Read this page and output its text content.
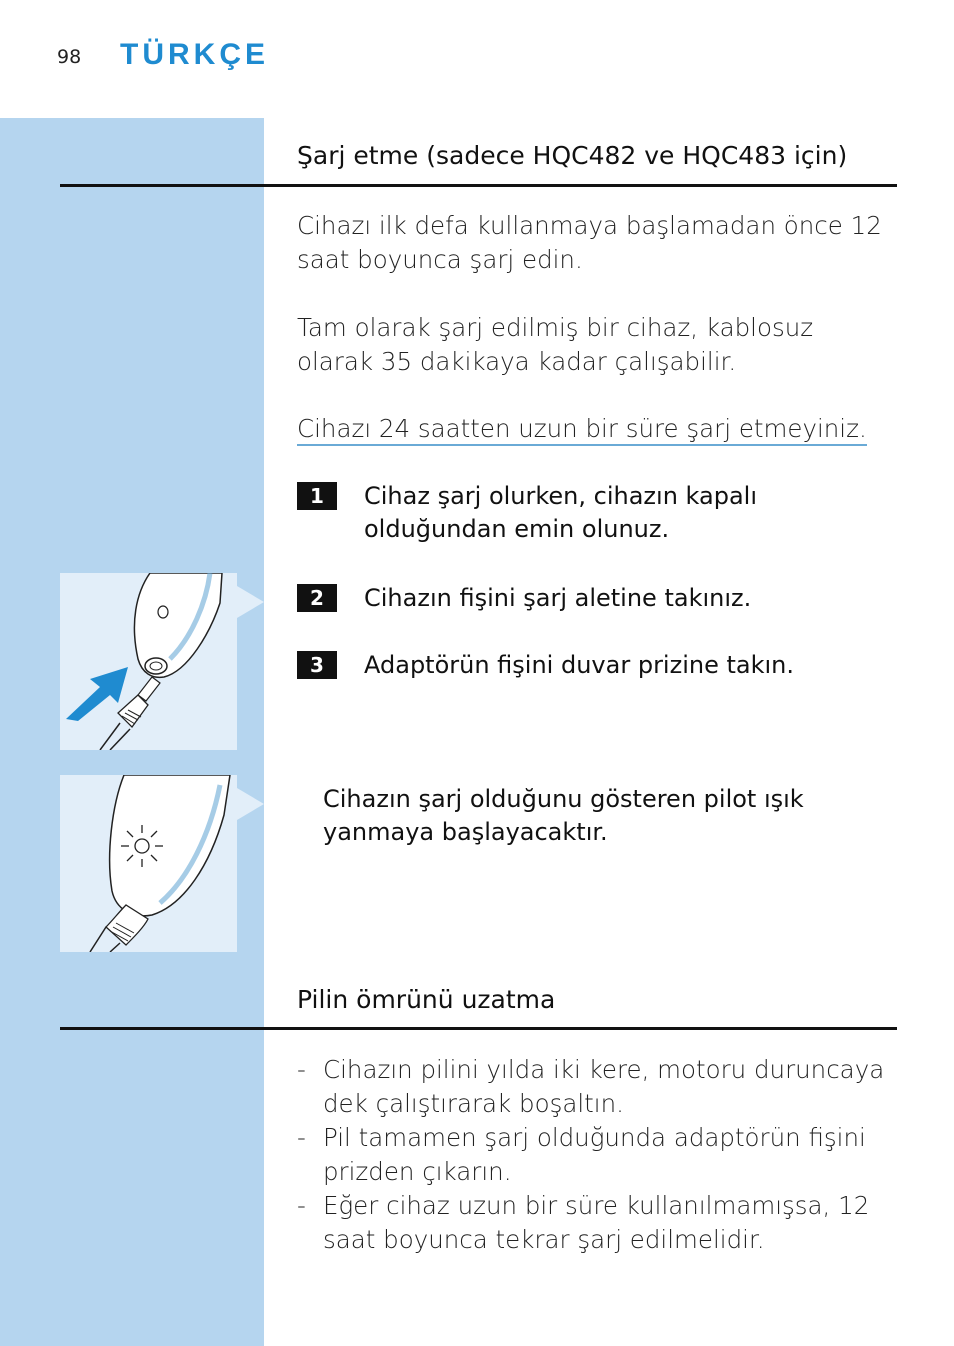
98 TÜRKÇE
Şarj etme (sadece HQC482 ve HQC483 için)
Cihazı ilk defa kullanmaya başlamadan önce 12 saat boyunca şarj edin.
Tam olarak şarj edilmiş bir cihaz, kablosuz olarak 35 dakikaya kadar çalışabilir.
Cihazı 24 saatten uzun bir süre şarj etmeyiniz.
1	Cihaz şarj olurken, cihazın kapalı
olduğundan emin olunuz.
2	Cihazın fişini şarj aletine takınız.
3	Adaptörün fişini duvar prizine takın.
Cihazın şarj olduğunu gösteren pilot ışık yanmaya başlayacaktır.
Pilin ömrünü uzatma
- Cihazın pilini yılda iki kere, motoru duruncaya dek çalıştırarak boşaltın.
- Pil tamamen şarj olduğunda adaptörün fişini prizden çıkarın.
- Eğer cihaz uzun bir süre kullanılmamışsa, 12 saat boyunca tekrar şarj edilmelidir.
